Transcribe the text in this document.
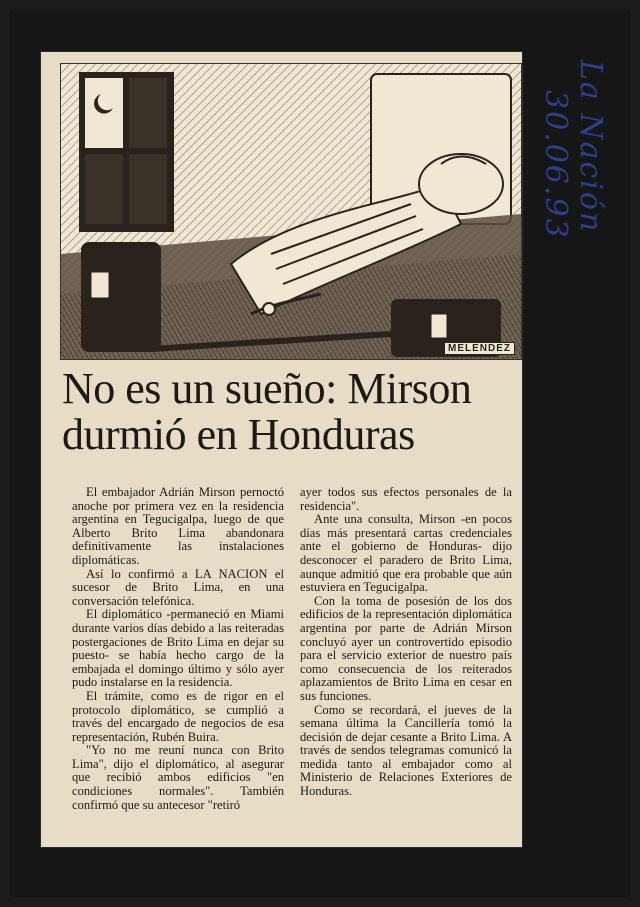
La Nación
30.06.93
MELENDEZ
No es un sueño: Mirson
durmió en Honduras

El embajador Adrián Mirson pernoctó anoche por primera vez en la residencia argentina en Tegucigalpa, luego de que Alberto Brito Lima abandonara definitivamente las instalaciones diplomáticas.

Así lo confirmó a LA NACION el sucesor de Brito Lima, en una conversación telefónica.

El diplomático -permaneció en Miami durante varios días debido a las reiteradas postergaciones de Brito Lima en dejar su puesto- se había hecho cargo de la embajada el domingo último y sólo ayer pudo instalarse en la residencia.

El trámite, como es de rigor en el protocolo diplomático, se cumplió a través del encargado de negocios de esa representación, Rubén Buira.

"Yo no me reuní nunca con Brito Lima", dijo el diplomático, al asegurar que recibió ambos edificios "en condiciones normales". También confirmó que su antecesor "retiró

ayer todos sus efectos personales de la residencia".

Ante una consulta, Mirson -en pocos días más presentará cartas credenciales ante el gobierno de Honduras- dijo desconocer el paradero de Brito Lima, aunque admitió que era probable que aún estuviera en Tegucigalpa.

Con la toma de posesión de los dos edificios de la representación diplomática argentina por parte de Adrián Mirson concluyó ayer un controvertido episodio para el servicio exterior de nuestro país como consecuencia de los reiterados aplazamientos de Brito Lima en cesar en sus funciones.

Como se recordará, el jueves de la semana última la Cancillería tomó la decisión de dejar cesante a Brito Lima. A través de sendos telegramas comunicó la medida tanto al embajador como al Ministerio de Relaciones Exteriores de Honduras.
